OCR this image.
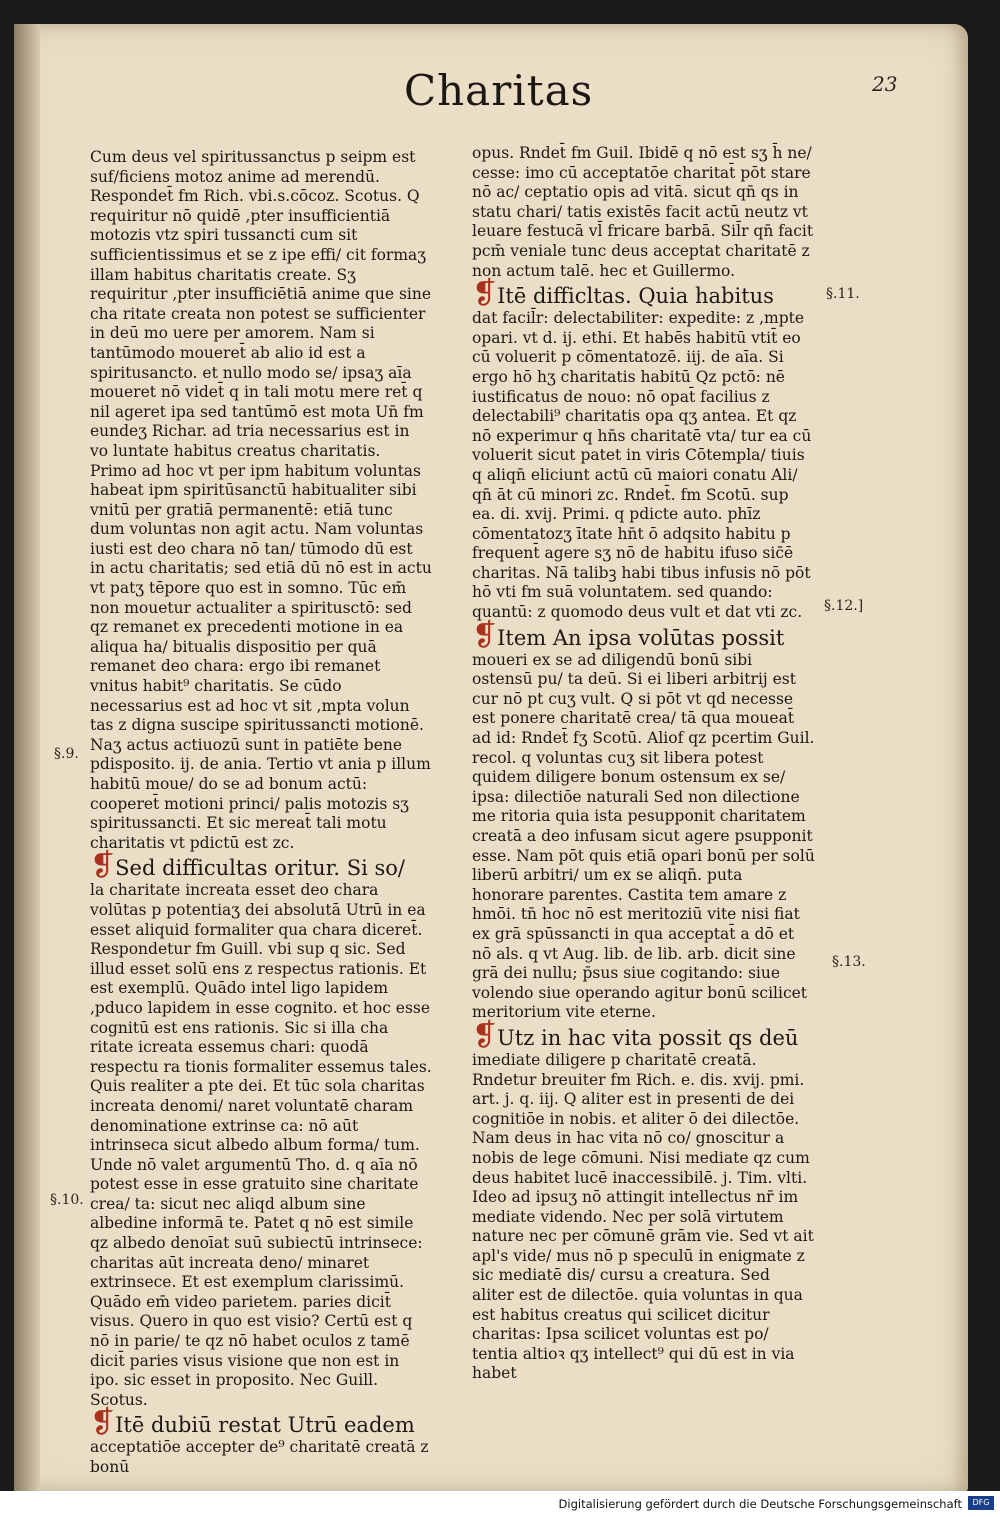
Charitas	23
§.9.
§.10.
§.11.
§.12.]
§.13.

Cum deus vel spiritussanctus p seipm est suf/ficiens motoz anime ad merendū. Respondet̄ fm Rich. vbi.s.cōcoz. Scotus. Q requiritur nō quidē ,pter insufficientiā motozis vtz spiri tussancti cum sit sufficientissimus et se z ipe effi/ cit formaʒ illam habitus charitatis create. Sʒ requiritur ,pter insufficiētiā anime que sine cha ritate creata non potest se sufficienter in deū mo uere per amorem. Nam si tantūmodo moueret̄ ab alio id est a spiritusancto. et nullo modo se/ ipsaʒ aīa moueret nō videt̄ q in tali motu mere ret̄ q nil ageret ipa sed tantūmō est mota Un̄ fm eundeʒ Richar. ad tria necessarius est in vo luntate habitus creatus charitatis. Primo ad hoc vt per ipm habitum voluntas habeat ipm spiritūsanctū habitualiter sibi vnitū per gratiā permanentē: etiā tunc dum voluntas non agit actu. Nam voluntas iusti est deo chara nō tan/ tūmodo dū est in actu charitatis; sed etiā dū nō est in actu vt patʒ tēpore quo est in somno. Tūc em̄ non mouetur actualiter a spiritusctō: sed qz remanet ex precedenti motione in ea aliqua ha/ bitualis dispositio per quā remanet deo chara: ergo ibi remanet vnitus habit⁹ charitatis. Se cūdo necessarius est ad hoc vt sit ,mpta volun tas z digna suscipe spiritussancti motionē. Naʒ actus actiuozū sunt in patiēte bene pdisposito. ij. de ania. Tertio vt ania p illum habitū moue/ do se ad bonum actū: cooperet̄ motioni princi/ palis motozis sʒ spiritussancti. Et sic mereat̄ tali motu charitatis vt pdictū est zc.

❡Sed difficultas oritur. Si so/

la charitate increata esset deo chara volūtas p potentiaʒ dei absolutā Utrū in ea esset aliquid formaliter qua chara diceret̄. Respondetur fm Guill. vbi sup q sic. Sed illud esset solū ens z respectus rationis. Et est exemplū. Quādo intel ligo lapidem ,pduco lapidem in esse cognito. et hoc esse cognitū est ens rationis. Sic si illa cha ritate icreata essemus chari: quodā respectu ra tionis formaliter essemus tales. Quis realiter a pte dei. Et tūc sola charitas increata denomi/ naret voluntatē charam denominatione extrinse ca: nō aūt intrinseca sicut albedo album forma/ tum. Unde nō valet argumentū Tho. d. q aīa nō potest esse in esse gratuito sine charitate crea/ ta: sicut nec aliqd album sine albedine informā te. Patet q nō est simile qz albedo denoīat suū subiectū intrinsece: charitas aūt increata deno/ minaret extrinsece. Et est exemplum clarissimū. Quādo em̄ video parietem. paries dicit̄ visus. Quero in quo est visio? Certū est q nō in parie/ te qz nō habet oculos z tamē dicit̄ paries visus visione que non est in ipo. sic esset in proposito. Nec Guill. Scotus.

❡Itē dubiū restat Utrū eadem

acceptatiōe accepter de⁹ charitatē creatā z bonū

opus. Rndet̄ fm Guil. Ibidē q nō est sʒ h̄ ne/ cesse: imo cū acceptatōe charitat̄ pōt stare nō ac/ ceptatio opis ad vitā. sicut qn̄ qs in statu chari/ tatis existēs facit actū neutz vt leuare festucā vl̄ fricare barbā. Sil̄r qn̄ facit pcm̄ veniale tunc deus acceptat charitatē z non actum talē. hec et Guillermo.

❡Itē difficltas. Quia habitus

dat facil̄r: delectabiliter: expedite: z ,mpte opari. vt d. ij. ethi. Et habēs habitū vtit̄ eo cū voluerit p cōmentatozē. iij. de aīa. Si ergo hō hʒ charitatis habitū Qz pctō: nē iustificatus de nouo: nō opat̄ facilius z delectabili⁹ charitatis opa qʒ antea. Et qz nō experimur q hn̄s charitatē vta/ tur ea cū voluerit sicut patet in viris Cōtempla/ tiuis q aliqn̄ eliciunt actū cū maiori conatu Ali/ qn̄ āt cū minori zc. Rndet̄. fm Scotū. sup ea. di. xvij. Primi. q pdicte auto. phīz cōmentatozʒ ītate hn̄t ō adqsito habitu p frequent̄ agere sʒ nō de habitu ifuso sic̄ē charitas. Nā talibꝫ habi tibus infusis nō pōt hō vti fm suā voluntatem. sed quando: quantū: z quomodo deus vult et dat vti zc.

❡Item An ipsa volūtas possit

moueri ex se ad diligendū bonū sibi ostensū pu/ ta deū. Si ei liberi arbitrij est cur nō pt cuʒ vult. Q si pōt vt qd necesse est ponere charitatē crea/ tā qua moueat̄ ad id: Rndet̄ fʒ Scotū. Aliof qz pcertim Guil. recol. q voluntas cuʒ sit libera potest quidem diligere bonum ostensum ex se/ ipsa: dilectiōe naturali Sed non dilectione me ritoria quia ista pesupponit charitatem creatā a deo infusam sicut agere psupponit esse. Nam pōt quis etiā opari bonū per solū liberū arbitri/ um ex se aliqn̄. puta honorare parentes. Castita tem amare z hmōi. tn̄ hoc nō est meritoziū vite nisi fiat ex grā spūssancti in qua acceptat̄ a dō et nō als. q vt Aug. lib. de lib. arb. dicit sine grā dei nullu; p̄sus siue cogitando: siue volendo siue operando agitur bonū scilicet meritorium vite eterne.

❡Utz in hac vita possit qs deū

imediate diligere p charitatē creatā. Rndetur breuiter fm Rich. e. dis. xvij. pmi. art. j. q. iij. Q aliter est in presenti de dei cognitiōe in nobis. et aliter ō dei dilectōe. Nam deus in hac vita nō co/ gnoscitur a nobis de lege cōmuni. Nisi mediate qz cum deus habitet lucē inaccessibilē. j. Tim. vlti. Ideo ad ipsuʒ nō attingit intellectus nr̄ im mediate videndo. Nec per solā virtutem nature nec per cōmunē grām vie. Sed vt ait apl's vide/ mus nō p speculū in enigmate z sic mediatē dis/ cursu a creatura. Sed aliter est de dilectōe. quia voluntas in qua est habitus creatus qui scilicet dicitur charitas: Ipsa scilicet voluntas est po/ tentia altioꝛ qʒ intellect⁹ qui dū est in via habet

Digitalisierung gefördert durch die Deutsche Forschungsgemeinschaft	DFG
